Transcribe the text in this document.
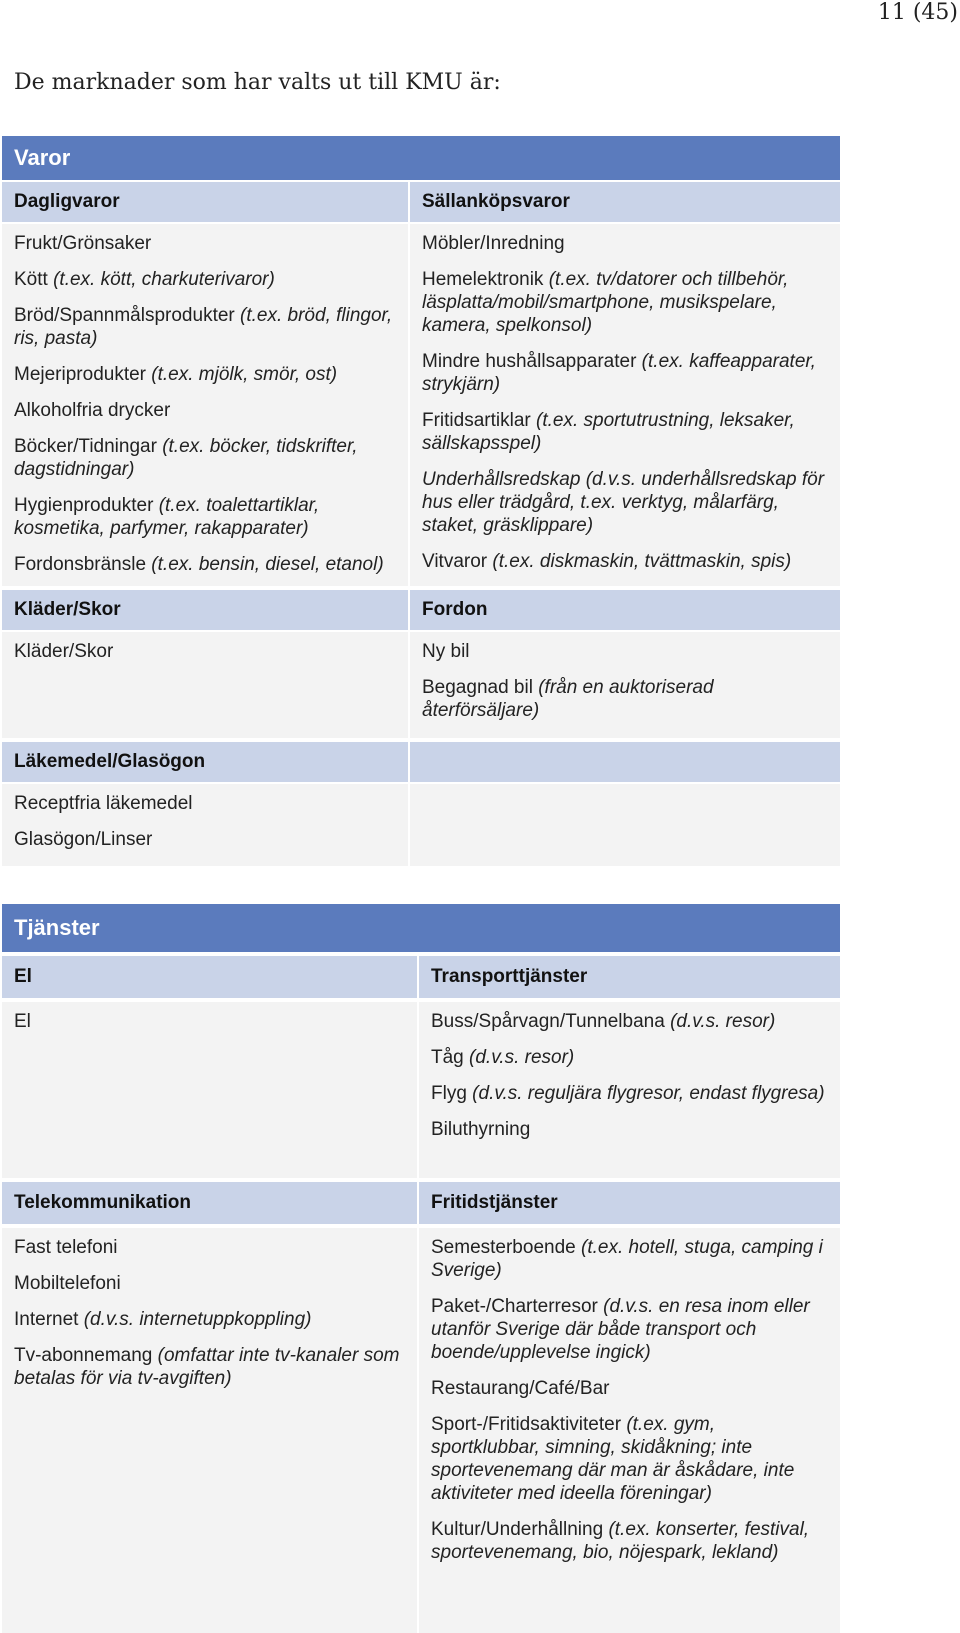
11 (45)
De marknader som har valts ut till KMU är:
Varor
Dagligvaror
Frukt/Grönsaker
Kött (t.ex. kött, charkuterivaror)
Bröd/Spannmålsprodukter (t.ex. bröd, flingor, ris, pasta)
Mejeriprodukter (t.ex. mjölk, smör, ost)
Alkoholfria drycker
Böcker/Tidningar (t.ex. böcker, tidskrifter, dagstidningar)
Hygienprodukter (t.ex. toalettartiklar, kosmetika, parfymer, rakapparater)
Fordonsbränsle (t.ex. bensin, diesel, etanol)
Sällanköpsvaror
Möbler/Inredning
Hemelektronik (t.ex. tv/datorer och tillbehör, läsplatta/mobil/smartphone, musikspelare, kamera, spelkonsol)
Mindre hushållsapparater (t.ex. kaffeapparater, strykjärn)
Fritidsartiklar (t.ex. sportutrustning, leksaker, sällskapsspel)
Underhållsredskap (d.v.s. underhållsredskap för hus eller trädgård, t.ex. verktyg, målarfärg, staket, gräsklippare)
Vitvaror (t.ex. diskmaskin, tvättmaskin, spis)
Kläder/Skor
Kläder/Skor
Fordon
Ny bil
Begagnad bil (från en auktoriserad återförsäljare)
Läkemedel/Glasögon
Receptfria läkemedel
Glasögon/Linser
Tjänster
El
El
Transporttjänster
Buss/Spårvagn/Tunnelbana (d.v.s. resor)
Tåg (d.v.s. resor)
Flyg (d.v.s. reguljära flygresor, endast flygresa)
Biluthyrning
Telekommunikation
Fast telefoni
Mobiltelefoni
Internet (d.v.s. internetuppkoppling)
Tv-abonnemang (omfattar inte tv-kanaler som betalas för via tv-avgiften)
Fritidstjänster
Semesterboende (t.ex. hotell, stuga, camping i Sverige)
Paket-/Charterresor (d.v.s. en resa inom eller utanför Sverige där både transport och boende/upplevelse ingick)
Restaurang/Café/Bar
Sport-/Fritidsaktiviteter (t.ex. gym, sportklubbar, simning, skidåkning; inte sportevenemang där man är åskådare, inte aktiviteter med ideella föreningar)
Kultur/Underhållning (t.ex. konserter, festival, sportevenemang, bio, nöjespark, lekland)
